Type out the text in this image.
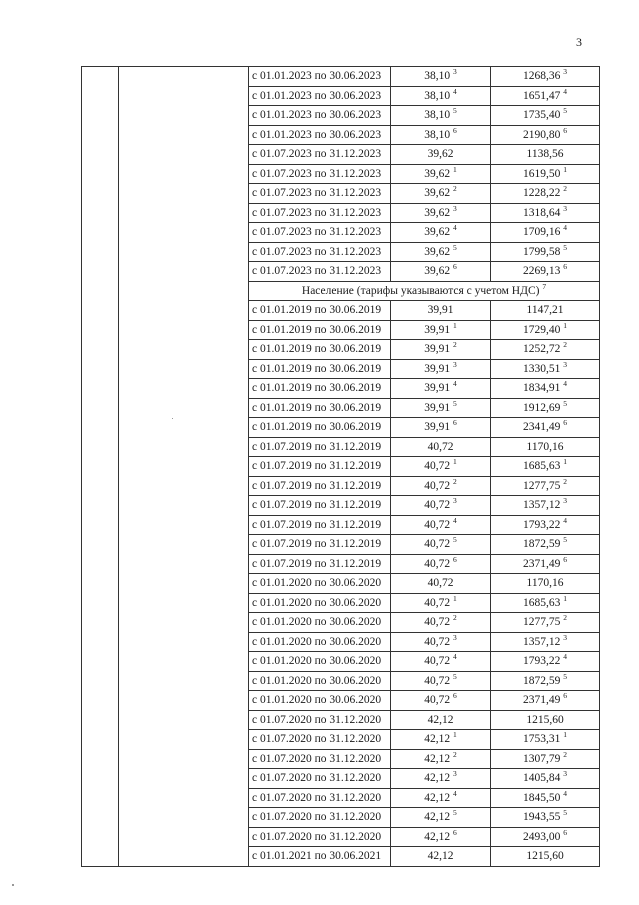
3
		с 01.01.2023 по 30.06.2023	38,10 $^3$	1268,36 $^3$
		с 01.01.2023 по 30.06.2023	38,10 $^4$	1651,47 $^4$
		с 01.01.2023 по 30.06.2023	38,10 $^5$	1735,40 $^5$
		с 01.01.2023 по 30.06.2023	38,10 $^6$	2190,80 $^6$
		с 01.07.2023 по 31.12.2023	39,62	1138,56
		с 01.07.2023 по 31.12.2023	39,62 $^1$	1619,50 $^1$
		с 01.07.2023 по 31.12.2023	39,62 $^2$	1228,22 $^2$
		с 01.07.2023 по 31.12.2023	39,62 $^3$	1318,64 $^3$
		с 01.07.2023 по 31.12.2023	39,62 $^4$	1709,16 $^4$
		с 01.07.2023 по 31.12.2023	39,62 $^5$	1799,58 $^5$
		с 01.07.2023 по 31.12.2023	39,62 $^6$	2269,13 $^6$
		Население (тарифы указываются с учетом НДС) $^7$
		с 01.01.2019 по 30.06.2019	39,91	1147,21
		с 01.01.2019 по 30.06.2019	39,91 $^1$	1729,40 $^1$
		с 01.01.2019 по 30.06.2019	39,91 $^2$	1252,72 $^2$
		с 01.01.2019 по 30.06.2019	39,91 $^3$	1330,51 $^3$
		с 01.01.2019 по 30.06.2019	39,91 $^4$	1834,91 $^4$
		с 01.01.2019 по 30.06.2019	39,91 $^5$	1912,69 $^5$
		с 01.01.2019 по 30.06.2019	39,91 $^6$	2341,49 $^6$
		с 01.07.2019 по 31.12.2019	40,72	1170,16
		с 01.07.2019 по 31.12.2019	40,72 $^1$	1685,63 $^1$
		с 01.07.2019 по 31.12.2019	40,72 $^2$	1277,75 $^2$
		с 01.07.2019 по 31.12.2019	40,72 $^3$	1357,12 $^3$
		с 01.07.2019 по 31.12.2019	40,72 $^4$	1793,22 $^4$
		с 01.07.2019 по 31.12.2019	40,72 $^5$	1872,59 $^5$
		с 01.07.2019 по 31.12.2019	40,72 $^6$	2371,49 $^6$
		с 01.01.2020 по 30.06.2020	40,72	1170,16
		с 01.01.2020 по 30.06.2020	40,72 $^1$	1685,63 $^1$
		с 01.01.2020 по 30.06.2020	40,72 $^2$	1277,75 $^2$
		с 01.01.2020 по 30.06.2020	40,72 $^3$	1357,12 $^3$
		с 01.01.2020 по 30.06.2020	40,72 $^4$	1793,22 $^4$
		с 01.01.2020 по 30.06.2020	40,72 $^5$	1872,59 $^5$
		с 01.01.2020 по 30.06.2020	40,72 $^6$	2371,49 $^6$
		с 01.07.2020 по 31.12.2020	42,12	1215,60
		с 01.07.2020 по 31.12.2020	42,12 $^1$	1753,31 $^1$
		с 01.07.2020 по 31.12.2020	42,12 $^2$	1307,79 $^2$
		с 01.07.2020 по 31.12.2020	42,12 $^3$	1405,84 $^3$
		с 01.07.2020 по 31.12.2020	42,12 $^4$	1845,50 $^4$
		с 01.07.2020 по 31.12.2020	42,12 $^5$	1943,55 $^5$
		с 01.07.2020 по 31.12.2020	42,12 $^6$	2493,00 $^6$
		с 01.01.2021 по 30.06.2021	42,12	1215,60
